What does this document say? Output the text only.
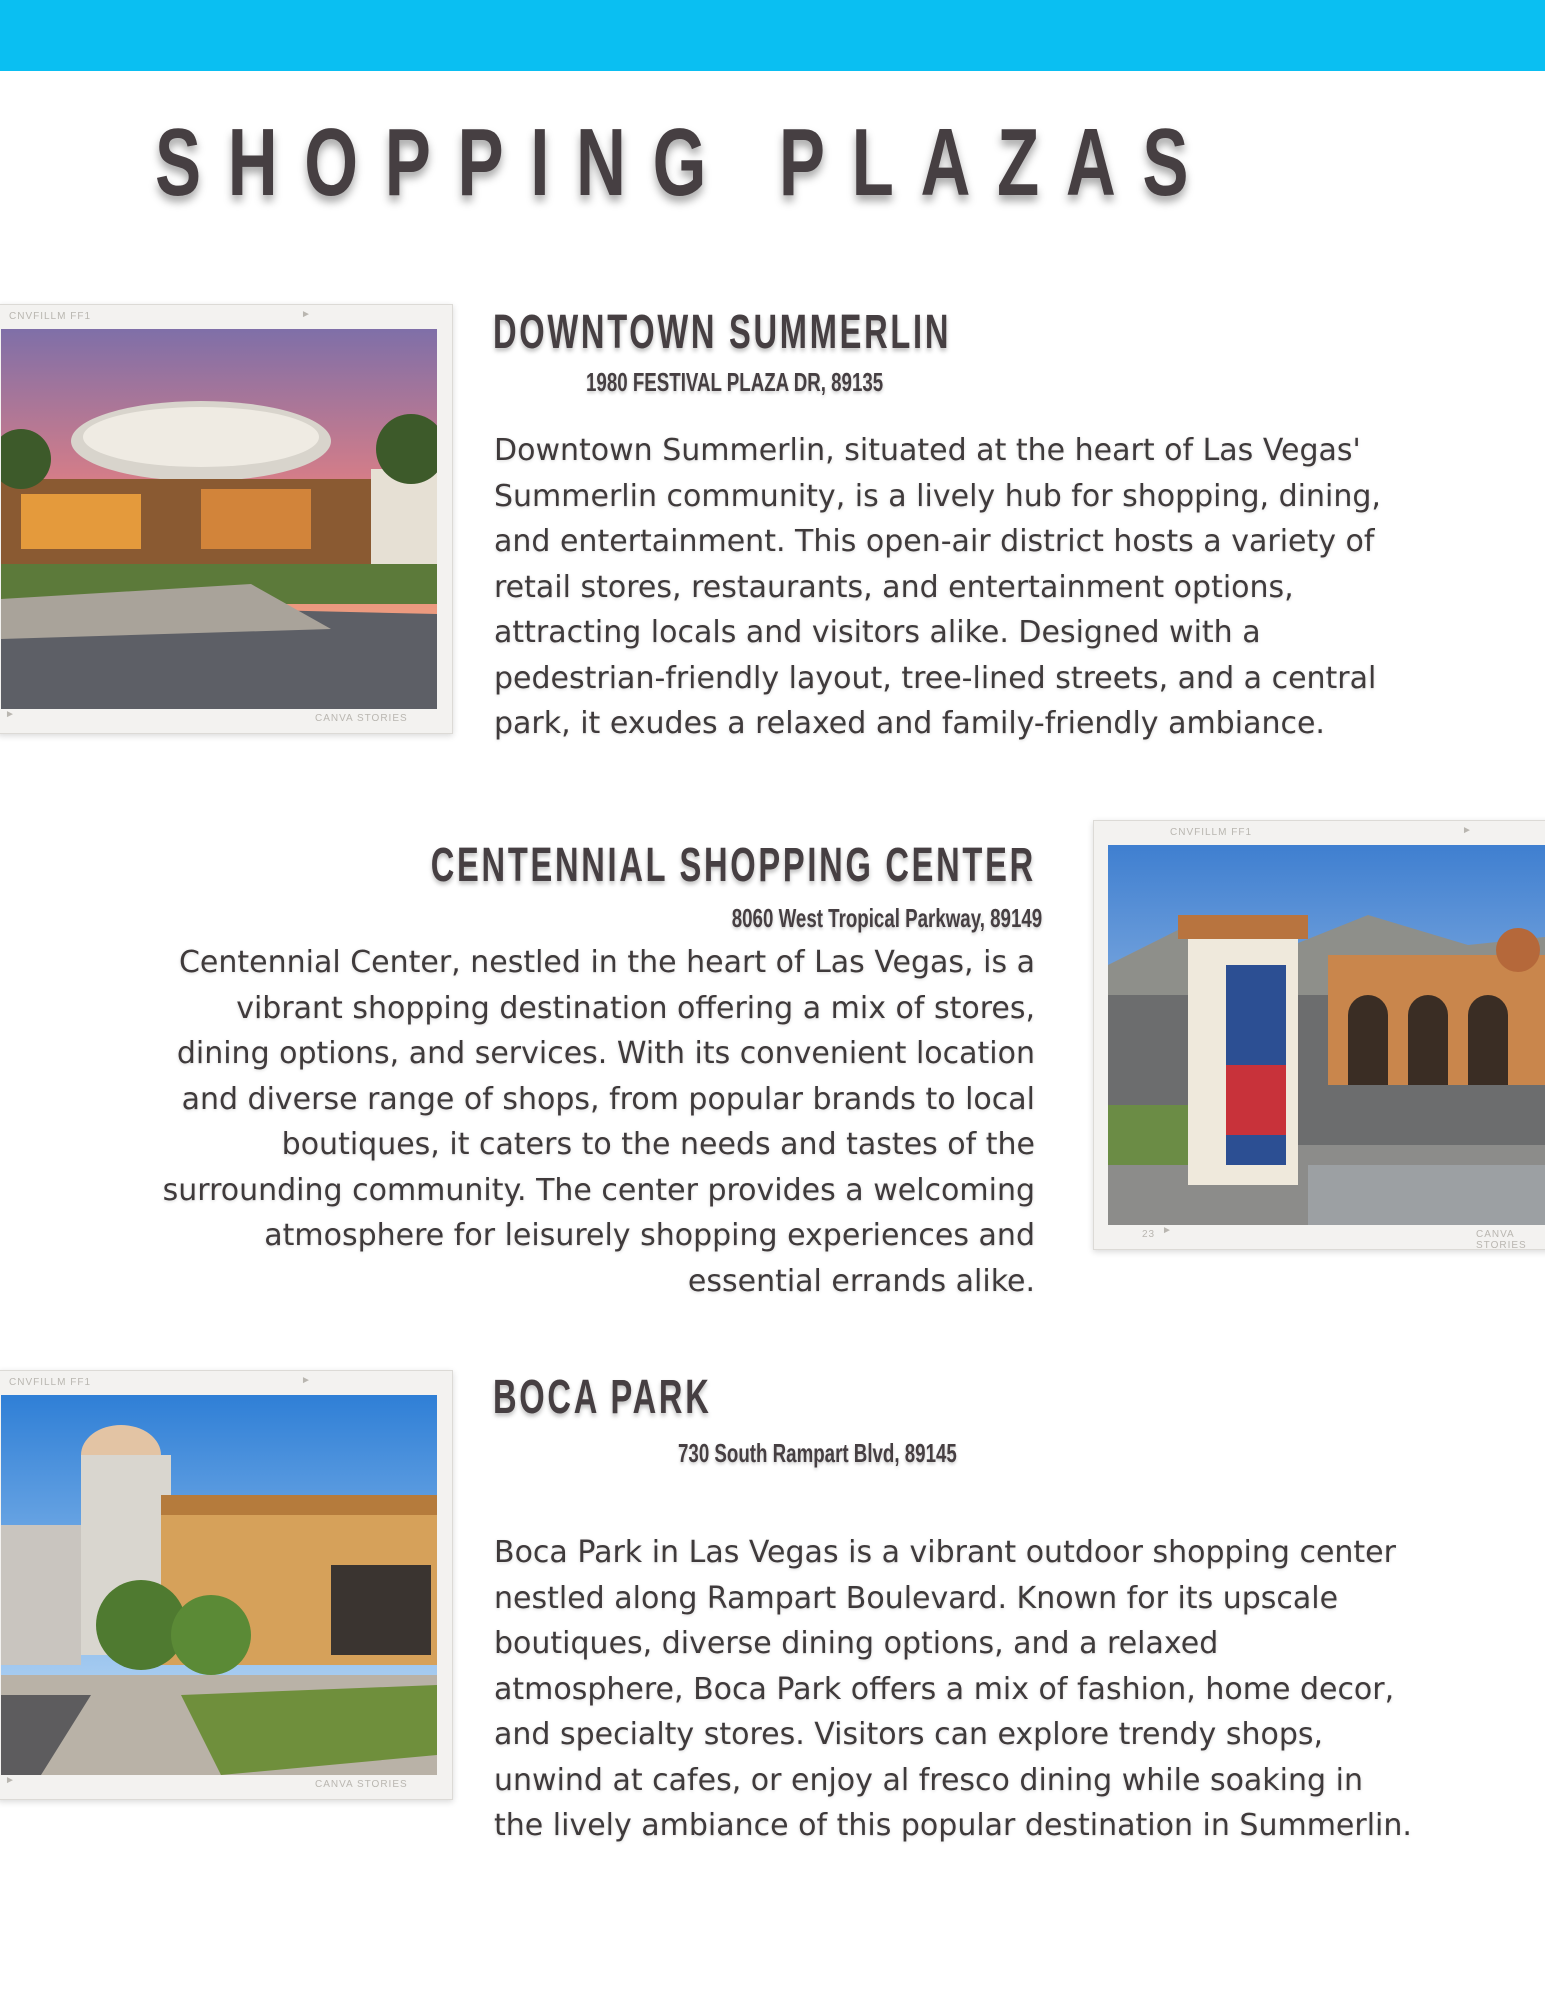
SHOPPING PLAZAS
CNVFILLM FF1	►
►	CANVA STORIES
DOWNTOWN SUMMERLIN
1980 FESTIVAL PLAZA DR, 89135
Downtown Summerlin, situated at the heart of Las Vegas' Summerlin community, is a lively hub for shopping, dining, and entertainment. This open-air district hosts a variety of retail stores, restaurants, and entertainment options, attracting locals and visitors alike. Designed with a pedestrian-friendly layout, tree-lined streets, and a central park, it exudes a relaxed and family-friendly ambiance.
CNVFILLM FF1	►
23 ►	CANVA STORIES
CENTENNIAL SHOPPING CENTER
8060 West Tropical Parkway, 89149
Centennial Center, nestled in the heart of Las Vegas, is a vibrant shopping destination offering a mix of stores, dining options, and services. With its convenient location and diverse range of shops, from popular brands to local boutiques, it caters to the needs and tastes of the surrounding community. The center provides a welcoming atmosphere for leisurely shopping experiences and essential errands alike.
CNVFILLM FF1	►
►	CANVA STORIES
BOCA PARK
730 South Rampart Blvd, 89145
Boca Park in Las Vegas is a vibrant outdoor shopping center nestled along Rampart Boulevard. Known for its upscale boutiques, diverse dining options, and a relaxed atmosphere, Boca Park offers a mix of fashion, home decor, and specialty stores. Visitors can explore trendy shops, unwind at cafes, or enjoy al fresco dining while soaking in the lively ambiance of this popular destination in Summerlin.
